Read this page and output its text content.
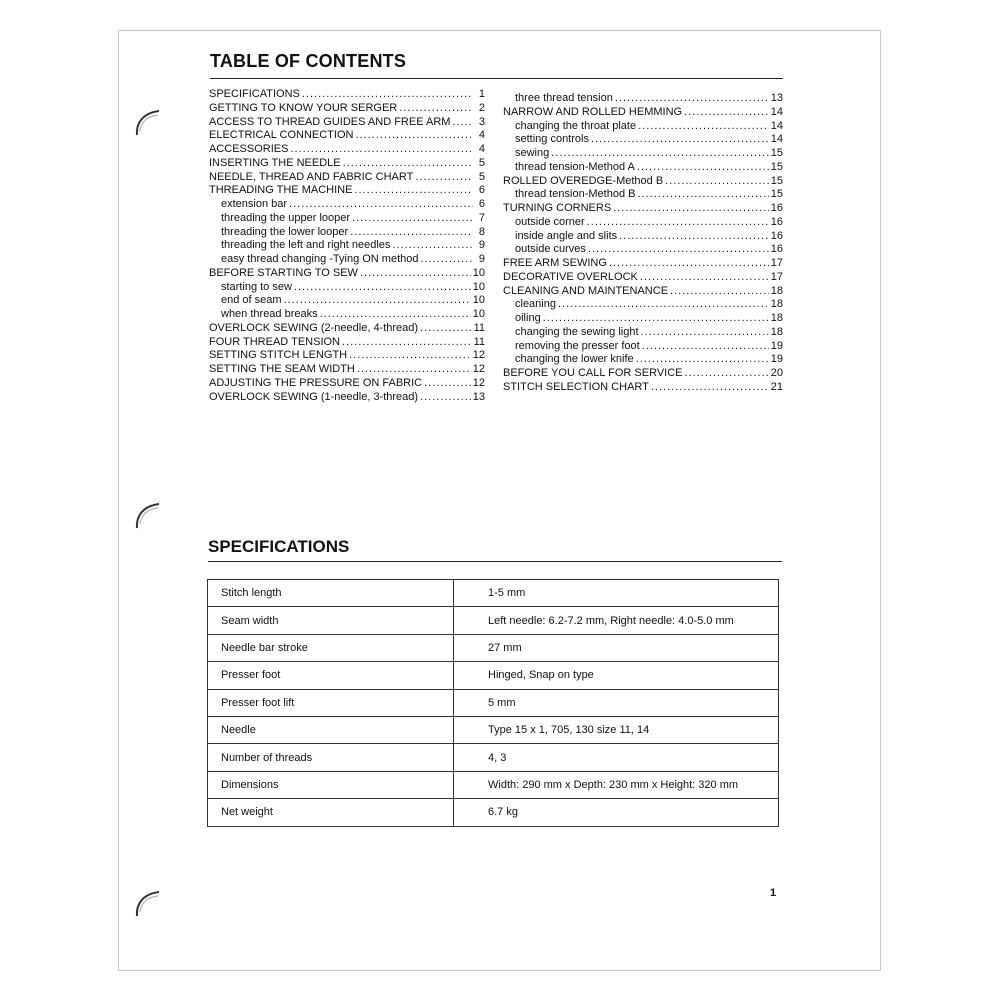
TABLE OF CONTENTS
SPECIFICATIONS .....	1
GETTING TO KNOW YOUR SERGER .....	2
ACCESS TO THREAD GUIDES AND FREE ARM .....	3
ELECTRICAL CONNECTION .....	4
ACCESSORIES .....	4
INSERTING THE NEEDLE .....	5
NEEDLE, THREAD AND FABRIC CHART .....	5
THREADING THE MACHINE .....	6
extension bar .....	6
threading the upper looper .....	7
threading the lower looper .....	8
threading the left and right needles .....	9
easy thread changing -Tying ON method .....	9
BEFORE STARTING TO SEW .....	10
starting to sew .....	10
end of seam .....	10
when thread breaks .....	10
OVERLOCK SEWING (2-needle, 4-thread) .....	11
FOUR THREAD TENSION .....	11
SETTING STITCH LENGTH .....	12
SETTING THE SEAM WIDTH .....	12
ADJUSTING THE PRESSURE ON FABRIC .....	12
OVERLOCK SEWING (1-needle, 3-thread) .....	13
three thread tension .....	13
NARROW AND ROLLED HEMMING .....	14
changing the throat plate .....	14
setting controls .....	14
sewing .....	15
thread tension-Method A .....	15
ROLLED OVEREDGE-Method B .....	15
thread tension-Method B .....	15
TURNING CORNERS .....	16
outside corner .....	16
inside angle and slits .....	16
outside curves .....	16
FREE ARM SEWING .....	17
DECORATIVE OVERLOCK .....	17
CLEANING AND MAINTENANCE .....	18
cleaning .....	18
oiling .....	18
changing the sewing light .....	18
removing the presser foot .....	19
changing the lower knife .....	19
BEFORE YOU CALL FOR SERVICE .....	20
STITCH SELECTION CHART .....	21
SPECIFICATIONS
Stitch length	1-5 mm
Seam width	Left needle: 6.2-7.2 mm, Right needle: 4.0-5.0 mm
Needle bar stroke	27 mm
Presser foot	Hinged, Snap on type
Presser foot lift	5 mm
Needle	Type 15 x 1, 705, 130 size 11, 14
Number of threads	4, 3
Dimensions	Width: 290 mm x Depth: 230 mm x Height: 320 mm
Net weight	6.7 kg
1
